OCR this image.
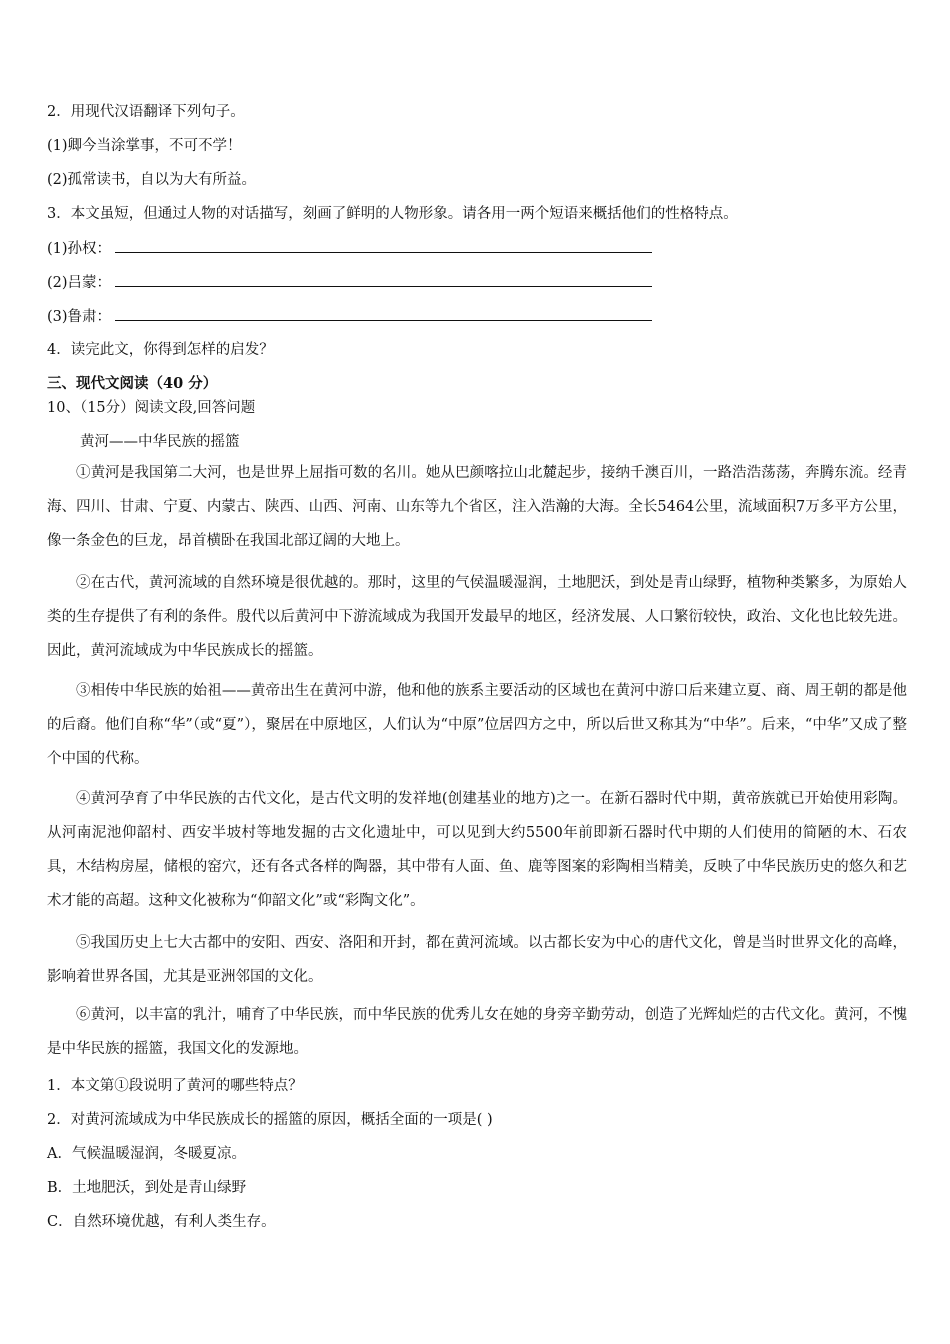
2．用现代汉语翻译下列句子。
(1)卿今当涂掌事，不可不学！
(2)孤常读书，自以为大有所益。
3．本文虽短，但通过人物的对话描写，刻画了鲜明的人物形象。请各用一两个短语来概括他们的性格特点。
(1)孙权：
(2)吕蒙：
(3)鲁肃：
4．读完此文，你得到怎样的启发？
三、现代文阅读（40 分）
10、（15分）阅读文段,回答问题
黄河——中华民族的摇篮
①黄河是我国第二大河，也是世界上屈指可数的名川。她从巴颜喀拉山北麓起步，接纳千澳百川，一路浩浩荡荡，奔腾东流。经青海、四川、甘肃、宁夏、内蒙古、陕西、山西、河南、山东等九个省区，注入浩瀚的大海。全长5464公里，流域面积7万多平方公里，像一条金色的巨龙，昂首横卧在我国北部辽阔的大地上。
②在古代，黄河流域的自然环境是很优越的。那时，这里的气侯温暖湿润，土地肥沃，到处是青山绿野，植物种类繁多，为原始人类的生存提供了有利的条件。殷代以后黄河中下游流域成为我国开发最早的地区，经济发展、人口繁衍较快，政治、文化也比较先进。因此，黄河流域成为中华民族成长的摇篮。
③相传中华民族的始祖——黄帝出生在黄河中游，他和他的族系主要活动的区域也在黄河中游口后来建立夏、商、周王朝的都是他的后裔。他们自称“华”（或“夏”），聚居在中原地区，人们认为“中原”位居四方之中，所以后世又称其为“中华”。后来，“中华”又成了整个中国的代称。
④黄河孕育了中华民族的古代文化，是古代文明的发祥地(创建基业的地方)之一。在新石器时代中期，黄帝族就已开始使用彩陶。从河南泥池仰韶村、西安半坡村等地发掘的古文化遗址中，可以见到大约5500年前即新石器时代中期的人们使用的简陋的木、石农具，木结构房屋，储根的窑穴，还有各式各样的陶器，其中带有人面、鱼、鹿等图案的彩陶相当精美，反映了中华民族历史的悠久和艺术才能的高超。这种文化被称为“仰韶文化”或“彩陶文化”。
⑤我国历史上七大古都中的安阳、西安、洛阳和开封，都在黄河流域。以古都长安为中心的唐代文化，曾是当时世界文化的高峰，影响着世界各国，尤其是亚洲邻国的文化。
⑥黄河，以丰富的乳汁，哺育了中华民族，而中华民族的优秀儿女在她的身旁辛勤劳动，创造了光辉灿烂的古代文化。黄河，不愧是中华民族的摇篮，我国文化的发源地。
1．本文第①段说明了黄河的哪些特点？
2．对黄河流域成为中华民族成长的摇篮的原因，概括全面的一项是( )
A．气候温暖湿润，冬暖夏凉。
B．土地肥沃，到处是青山绿野
C．自然环境优越，有利人类生存。
